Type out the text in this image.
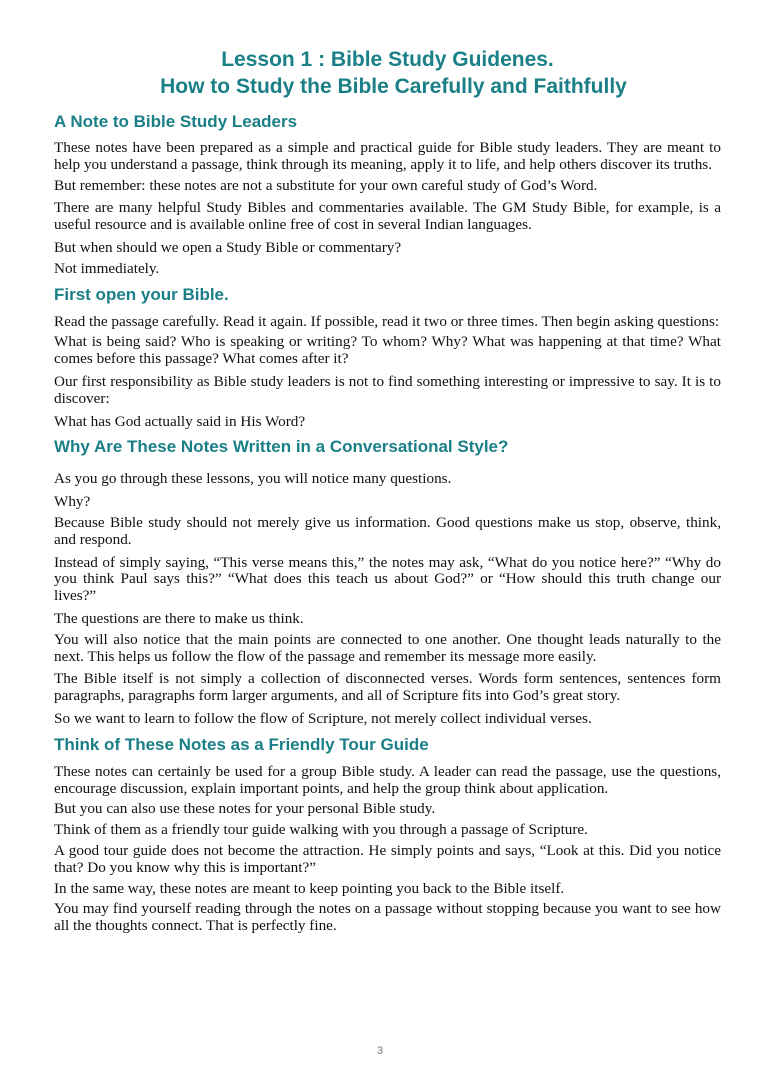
Lesson 1 : Bible Study Guidenes.
How to Study the Bible Carefully and Faithfully
A Note to Bible Study Leaders

These notes have been prepared as a simple and practical guide for Bible study leaders. They are meant to help you understand a passage, think through its meaning, apply it to life, and help others discover its truths.

But remember: these notes are not a substitute for your own careful study of God’s Word.

There are many helpful Study Bibles and commentaries available. The GM Study Bible, for example, is a useful resource and is available online free of cost in several Indian languages.

But when should we open a Study Bible or commentary?

Not immediately.

First open your Bible.

Read the passage carefully. Read it again. If possible, read it two or three times. Then begin asking questions:

What is being said? Who is speaking or writing? To whom? Why? What was happening at that time? What comes before this passage? What comes after it?

Our first responsibility as Bible study leaders is not to find something interesting or impressive to say. It is to discover:

What has God actually said in His Word?

Why Are These Notes Written in a Conversational Style?

As you go through these lessons, you will notice many questions.

Why?

Because Bible study should not merely give us information. Good questions make us stop, observe, think, and respond.

Instead of simply saying, “This verse means this,” the notes may ask, “What do you notice here?” “Why do you think Paul says this?” “What does this teach us about God?” or “How should this truth change our lives?”

The questions are there to make us think.

You will also notice that the main points are connected to one another. One thought leads naturally to the next. This helps us follow the flow of the passage and remember its message more easily.

The Bible itself is not simply a collection of disconnected verses. Words form sentences, sentences form paragraphs, paragraphs form larger arguments, and all of Scripture fits into God’s great story.

So we want to learn to follow the flow of Scripture, not merely collect individual verses.

Think of These Notes as a Friendly Tour Guide

These notes can certainly be used for a group Bible study. A leader can read the passage, use the questions, encourage discussion, explain important points, and help the group think about application.

But you can also use these notes for your personal Bible study.

Think of them as a friendly tour guide walking with you through a passage of Scripture.

A good tour guide does not become the attraction. He simply points and says, “Look at this. Did you notice that? Do you know why this is important?”

In the same way, these notes are meant to keep pointing you back to the Bible itself.

You may find yourself reading through the notes on a passage without stopping because you want to see how all the thoughts connect. That is perfectly fine.

3
